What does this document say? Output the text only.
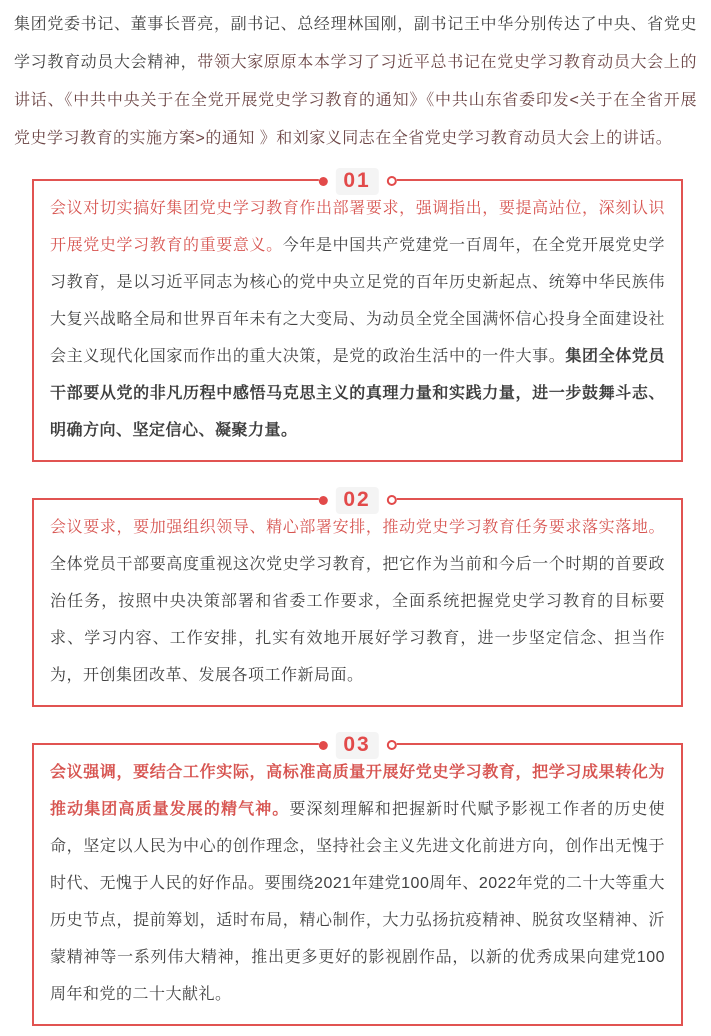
集团党委书记、董事长晋亮，副书记、总经理林国刚，副书记王中华分别传达了中央、省党史学习教育动员大会精神，带领大家原原本本学习了习近平总书记在党史学习教育动员大会上的讲话、《中共中央关于在全党开展党史学习教育的通知》《中共山东省委印发<关于在全省开展党史学习教育的实施方案>的通知 》和刘家义同志在全省党史学习教育动员大会上的讲话。

01

会议对切实搞好集团党史学习教育作出部署要求，强调指出，要提高站位，深刻认识开展党史学习教育的重要意义。今年是中国共产党建党一百周年，在全党开展党史学习教育，是以习近平同志为核心的党中央立足党的百年历史新起点、统筹中华民族伟大复兴战略全局和世界百年未有之大变局、为动员全党全国满怀信心投身全面建设社会主义现代化国家而作出的重大决策，是党的政治生活中的一件大事。集团全体党员干部要从党的非凡历程中感悟马克思主义的真理力量和实践力量，进一步鼓舞斗志、明确方向、坚定信心、凝聚力量。

02

会议要求，要加强组织领导、精心部署安排，推动党史学习教育任务要求落实落地。全体党员干部要高度重视这次党史学习教育，把它作为当前和今后一个时期的首要政治任务，按照中央决策部署和省委工作要求，全面系统把握党史学习教育的目标要求、学习内容、工作安排，扎实有效地开展好学习教育，进一步坚定信念、担当作为，开创集团改革、发展各项工作新局面。

03

会议强调，要结合工作实际，高标准高质量开展好党史学习教育，把学习成果转化为推动集团高质量发展的精气神。要深刻理解和把握新时代赋予影视工作者的历史使命，坚定以人民为中心的创作理念，坚持社会主义先进文化前进方向，创作出无愧于时代、无愧于人民的好作品。要围绕2021年建党100周年、2022年党的二十大等重大历史节点，提前筹划，适时布局，精心制作，大力弘扬抗疫精神、脱贫攻坚精神、沂蒙精神等一系列伟大精神，推出更多更好的影视剧作品，以新的优秀成果向建党100周年和党的二十大献礼。
